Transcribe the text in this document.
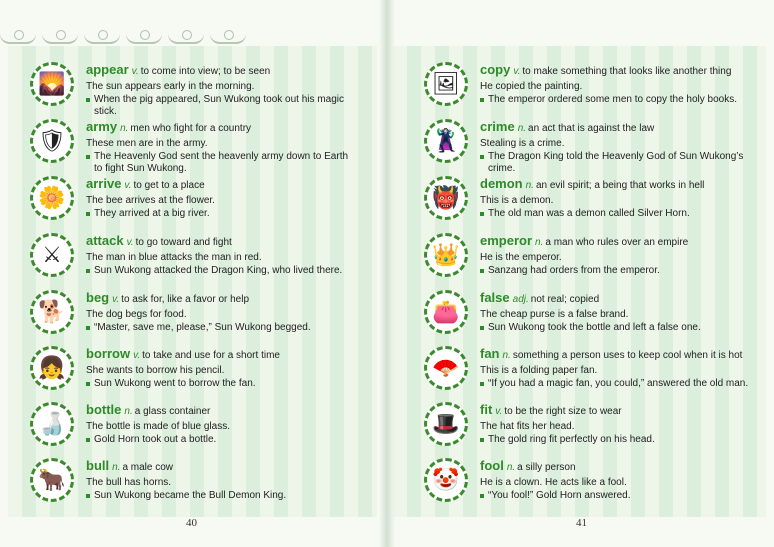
🌄
appear v. to come into view; to be seen
The sun appears early in the morning.
When the pig appeared, Sun Wukong took out his magic stick.
🛡
army n. men who fight for a country
These men are in the army.
The Heavenly God sent the heavenly army down to Earth to fight Sun Wukong.
🌼
arrive v. to get to a place
The bee arrives at the flower.
They arrived at a big river.
⚔
attack v. to go toward and fight
The man in blue attacks the man in red.
Sun Wukong attacked the Dragon King, who lived there.
🐕
beg v. to ask for, like a favor or help
The dog begs for food.
“Master, save me, please,” Sun Wukong begged.
👧
borrow v. to take and use for a short time
She wants to borrow his pencil.
Sun Wukong went to borrow the fan.
🍶
bottle n. a glass container
The bottle is made of blue glass.
Gold Horn took out a bottle.
🐂
bull n. a male cow
The bull has horns.
Sun Wukong became the Bull Demon King.
🖼
copy v. to make something that looks like another thing
He copied the painting.
The emperor ordered some men to copy the holy books.
🦹
crime n. an act that is against the law
Stealing is a crime.
The Dragon King told the Heavenly God of Sun Wukong’s crime.
👹
demon n. an evil spirit; a being that works in hell
This is a demon.
The old man was a demon called Silver Horn.
👑
emperor n. a man who rules over an empire
He is the emperor.
Sanzang had orders from the emperor.
👛
false adj. not real; copied
The cheap purse is a false brand.
Sun Wukong took the bottle and left a false one.
🪭
fan n. something a person uses to keep cool when it is hot
This is a folding paper fan.
“If you had a magic fan, you could,” answered the old man.
🎩
fit v. to be the right size to wear
The hat fits her head.
The gold ring fit perfectly on his head.
🤡
fool n. a silly person
He is a clown. He acts like a fool.
“You fool!” Gold Horn answered.
40	41
